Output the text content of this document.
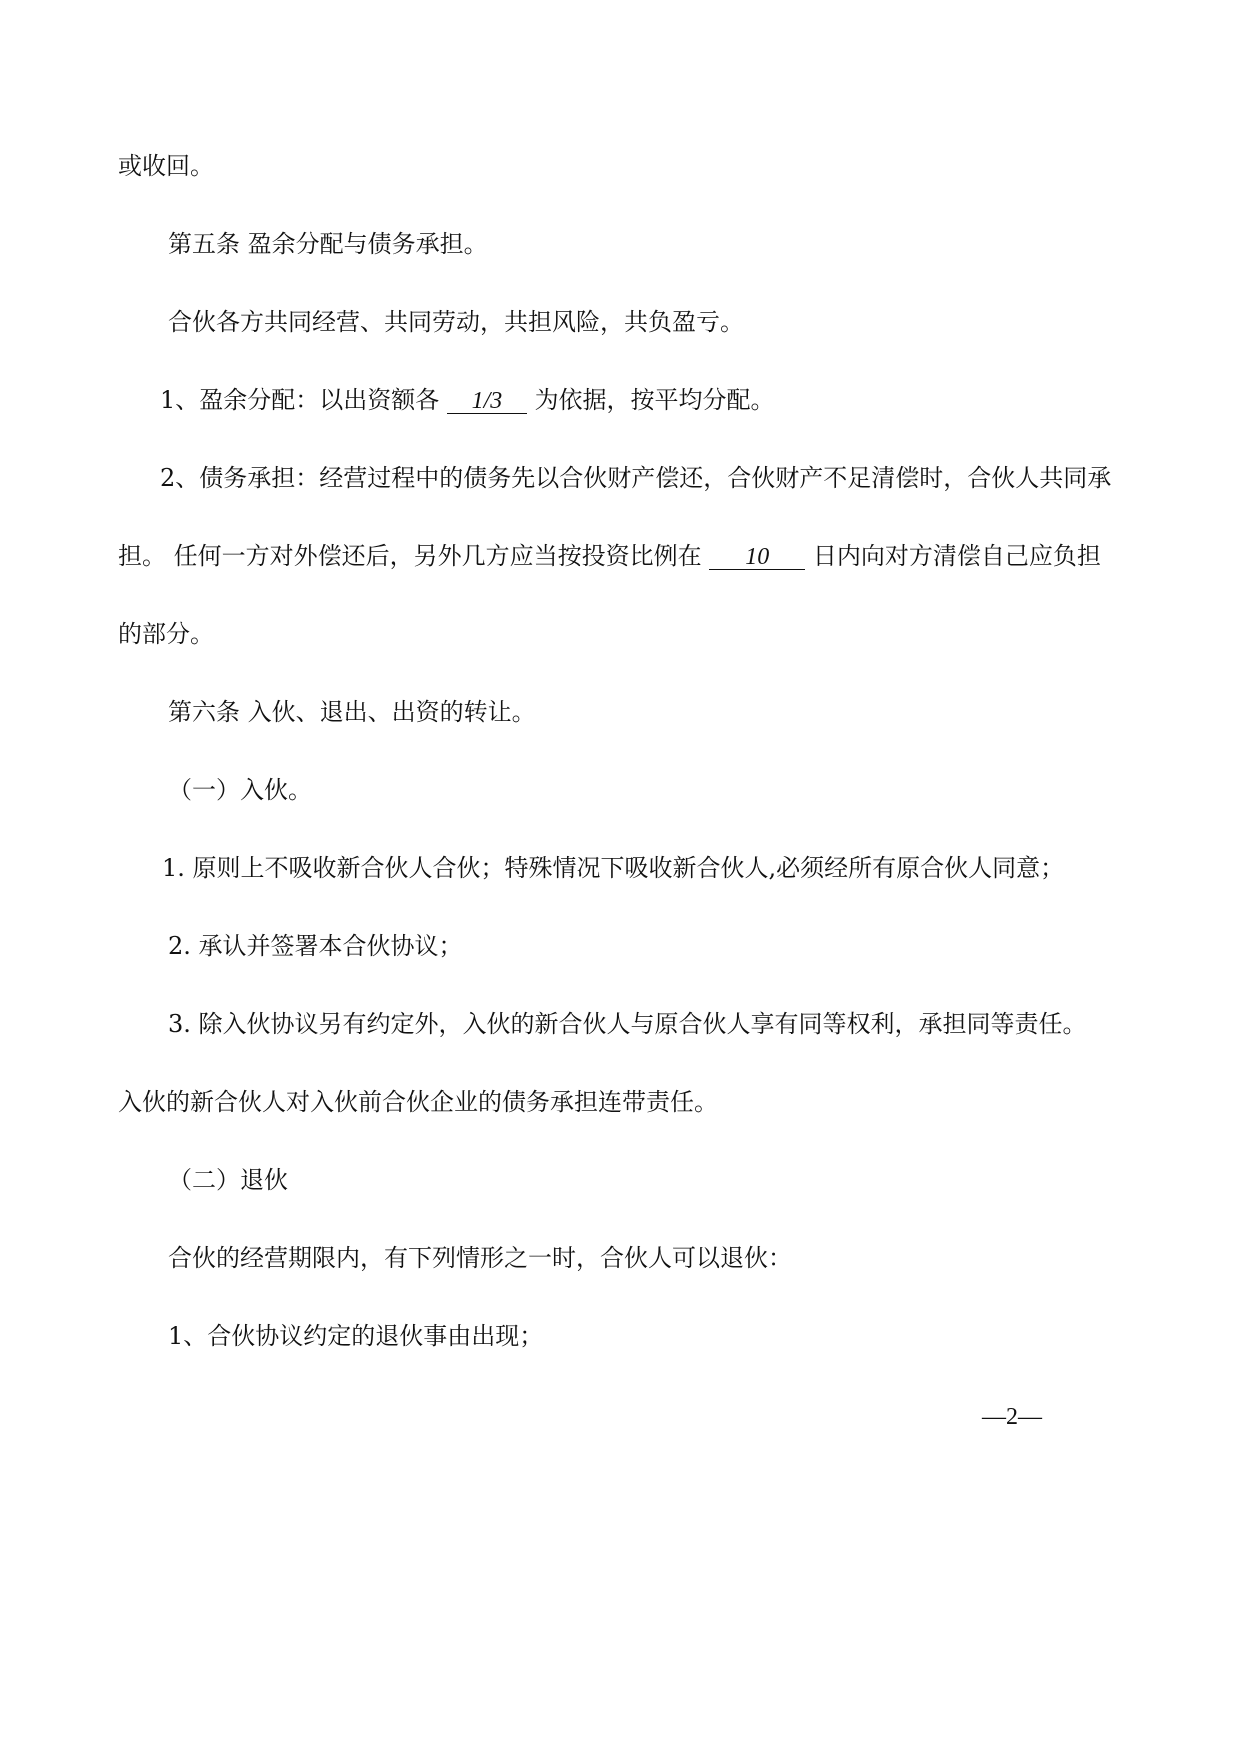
或收回。
第五条 盈余分配与债务承担。
合伙各方共同经营、共同劳动，共担风险，共负盈亏。
1、盈余分配：以出资额各 1/3 为依据，按平均分配。
2、债务承担：经营过程中的债务先以合伙财产偿还，合伙财产不足清偿时，合伙人共同承
担。 任何一方对外偿还后，另外几方应当按投资比例在 10 日内向对方清偿自己应负担
的部分。
第六条 入伙、退出、出资的转让。
（一）入伙。
1. 原则上不吸收新合伙人合伙；特殊情况下吸收新合伙人,必须经所有原合伙人同意；
2. 承认并签署本合伙协议；
3. 除入伙协议另有约定外，入伙的新合伙人与原合伙人享有同等权利，承担同等责任。
入伙的新合伙人对入伙前合伙企业的债务承担连带责任。
（二）退伙
合伙的经营期限内，有下列情形之一时，合伙人可以退伙：
1、合伙协议约定的退伙事由出现；
—2—
